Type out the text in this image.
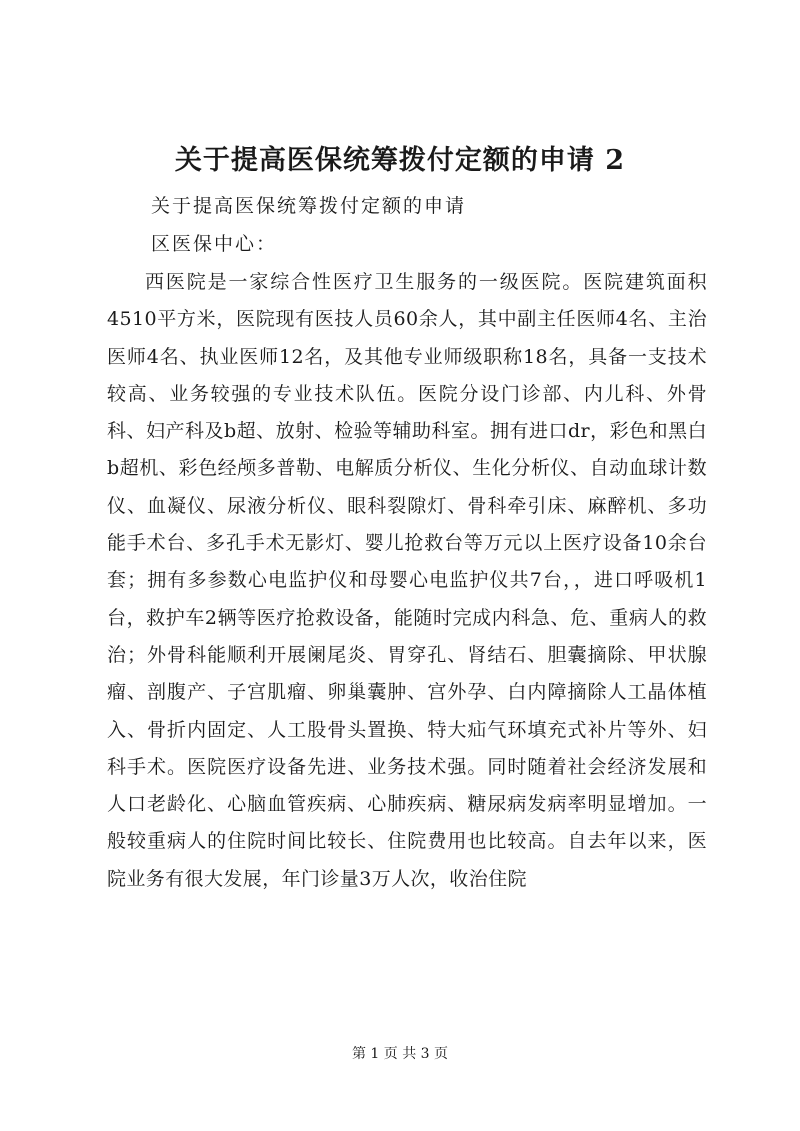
关于提高医保统筹拨付定额的申请 2

关于提高医保统筹拨付定额的申请

区医保中心：

西医院是一家综合性医疗卫生服务的一级医院。医院建筑面积4510平方米，医院现有医技人员60余人，其中副主任医师4名、主治医师4名、执业医师12名，及其他专业师级职称18名，具备一支技术较高、业务较强的专业技术队伍。医院分设门诊部、内儿科、外骨科、妇产科及b超、放射、检验等辅助科室。拥有进口dr，彩色和黑白b超机、彩色经颅多普勒、电解质分析仪、生化分析仪、自动血球计数仪、血凝仪、尿液分析仪、眼科裂隙灯、骨科牵引床、麻醉机、多功能手术台、多孔手术无影灯、婴儿抢救台等万元以上医疗设备10余台套；拥有多参数心电监护仪和母婴心电监护仪共7台，，进口呼吸机1台，救护车2辆等医疗抢救设备，能随时完成内科急、危、重病人的救治；外骨科能顺利开展阑尾炎、胃穿孔、肾结石、胆囊摘除、甲状腺瘤、剖腹产、子宫肌瘤、卵巢囊肿、宫外孕、白内障摘除人工晶体植入、骨折内固定、人工股骨头置换、特大疝气环填充式补片等外、妇科手术。医院医疗设备先进、业务技术强。同时随着社会经济发展和人口老龄化、心脑血管疾病、心肺疾病、糖尿病发病率明显增加。一般较重病人的住院时间比较长、住院费用也比较高。自去年以来，医院业务有很大发展，年门诊量3万人次，收治住院

第 1 页 共 3 页
